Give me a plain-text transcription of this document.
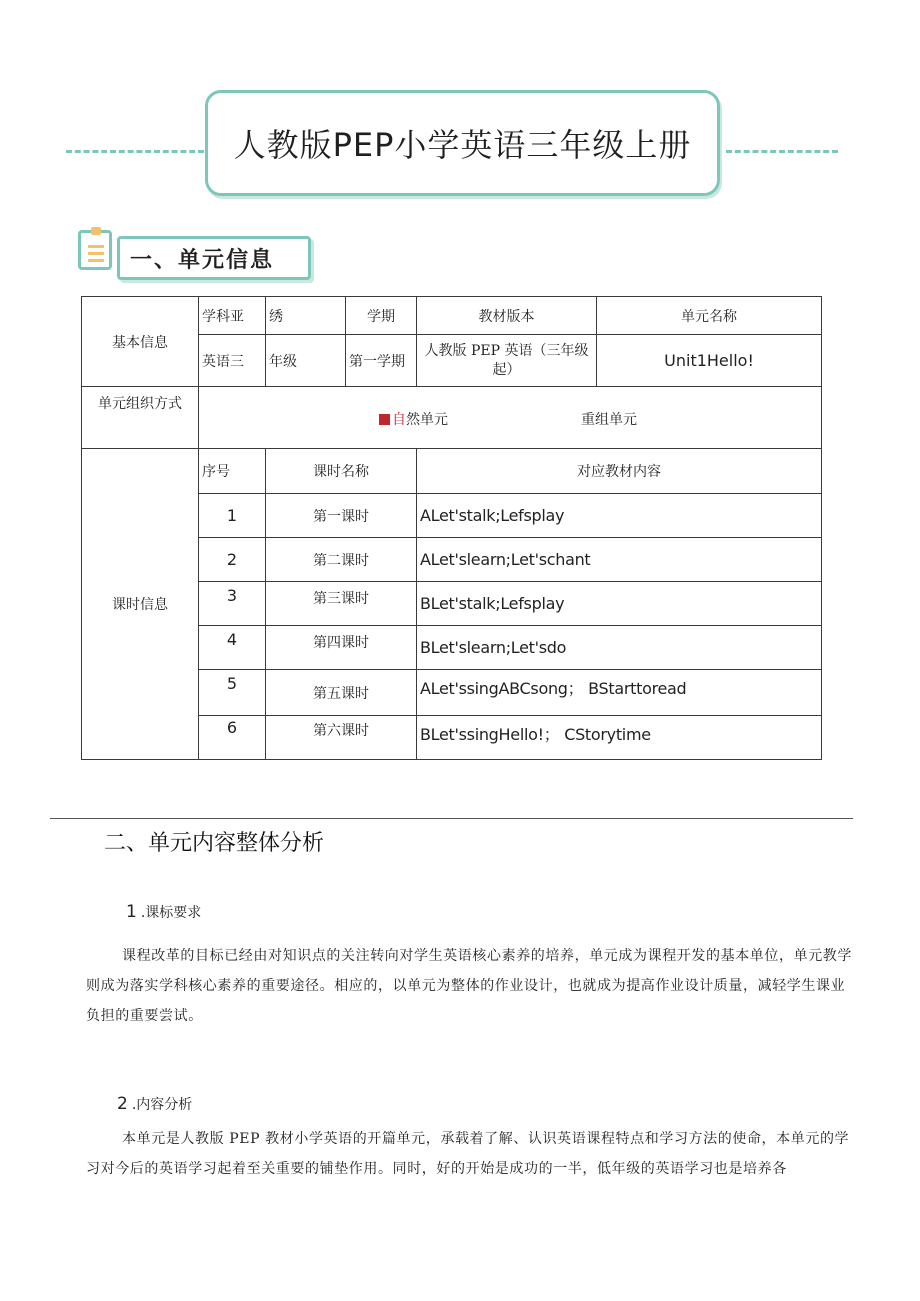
人教版PEP小学英语三年级上册
一、单元信息
基本信息	学科亚	绣	学期	教材版本	单元名称
	英语三	年级	第一学期	人教版 PEP 英语（三年级起）	Unit1Hello!
单元组织方式	自然单元 重组单元				

课时信息	序号	课时名称		对应教材内容	
	1	第一课时		ALet'stalk;Lefsplay	
	2	第二课时		ALet'slearn;Let'schant	
	3	第三课时		BLet'stalk;Lefsplay	
	4	第四课时		BLet'slearn;Let'sdo	
	5	第五课时		ALet'ssingABCsong； BStarttoread	
	6	第六课时		BLet'ssingHello!； CStorytime	
二、单元内容整体分析
1 .课标要求

课程改革的目标已经由对知识点的关注转向对学生英语核心素养的培养，单元成为课程开发的基本单位，单元教学则成为落实学科核心素养的重要途径。相应的，以单元为整体的作业设计，也就成为提高作业设计质量，减轻学生课业负担的重要尝试。

2 .内容分析

本单元是人教版 PEP 教材小学英语的开篇单元，承载着了解、认识英语课程特点和学习方法的使命，本单元的学习对今后的英语学习起着至关重要的铺垫作用。同时，好的开始是成功的一半，低年级的英语学习也是培养各
